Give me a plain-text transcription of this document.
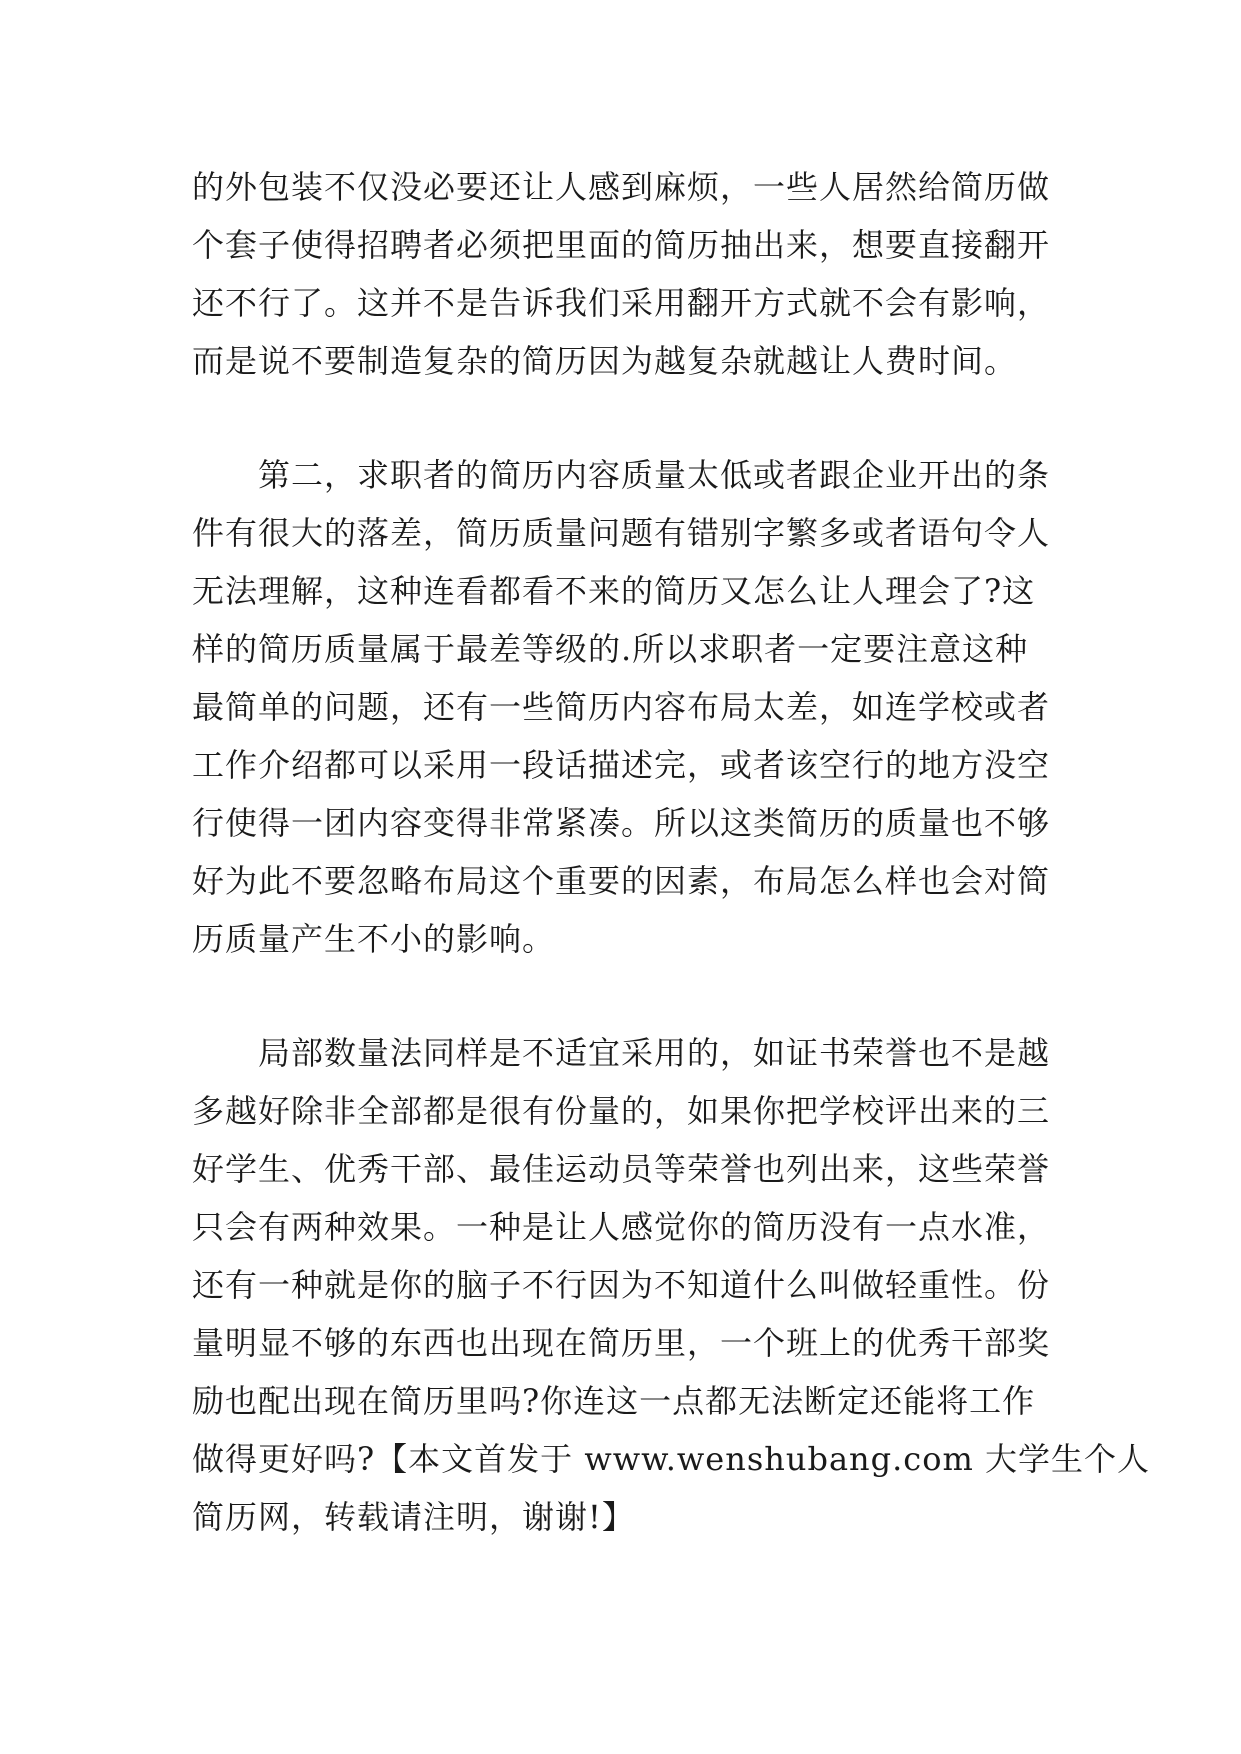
的外包装不仅没必要还让人感到麻烦，一些人居然给简历做
个套子使得招聘者必须把里面的简历抽出来，想要直接翻开
还不行了。这并不是告诉我们采用翻开方式就不会有影响，
而是说不要制造复杂的简历因为越复杂就越让人费时间。
　　第二，求职者的简历内容质量太低或者跟企业开出的条
件有很大的落差，简历质量问题有错别字繁多或者语句令人
无法理解，这种连看都看不来的简历又怎么让人理会了?这
样的简历质量属于最差等级的.所以求职者一定要注意这种
最简单的问题，还有一些简历内容布局太差，如连学校或者
工作介绍都可以采用一段话描述完，或者该空行的地方没空
行使得一团内容变得非常紧凑。所以这类简历的质量也不够
好为此不要忽略布局这个重要的因素，布局怎么样也会对简
历质量产生不小的影响。
　　局部数量法同样是不适宜采用的，如证书荣誉也不是越
多越好除非全部都是很有份量的，如果你把学校评出来的三
好学生、优秀干部、最佳运动员等荣誉也列出来，这些荣誉
只会有两种效果。一种是让人感觉你的简历没有一点水准，
还有一种就是你的脑子不行因为不知道什么叫做轻重性。份
量明显不够的东西也出现在简历里，一个班上的优秀干部奖
励也配出现在简历里吗?你连这一点都无法断定还能将工作
做得更好吗?【本文首发于 www.wenshubang.com 大学生个人
简历网，转载请注明，谢谢!】
